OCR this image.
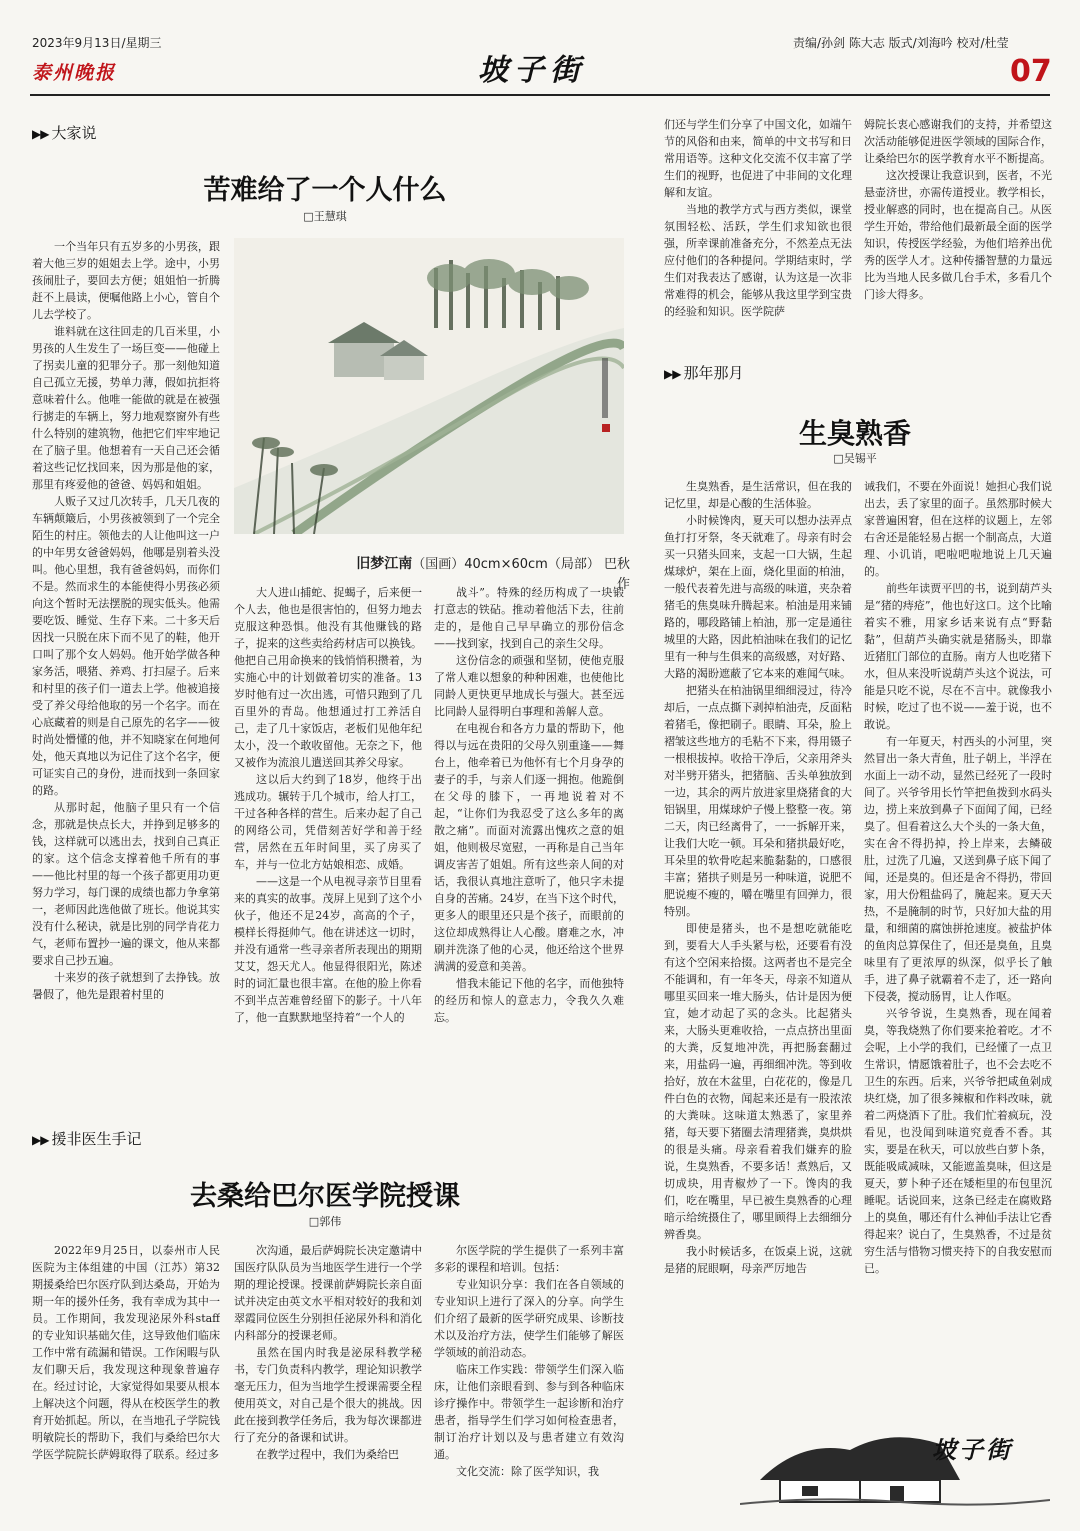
2023年9月13日/星期三
泰州晚报	坡子街
责编/孙剑 陈大志 版式/刘海吟 校对/杜莹
07
▶▶ 大家说
苦难给了一个人什么
□王慧琪

一个当年只有五岁多的小男孩，跟着大他三岁的姐姐去上学。途中，小男孩闹肚子，要回去方便；姐姐怕一折腾赶不上晨读，便嘱他路上小心，管自个儿去学校了。

谁料就在这往回走的几百米里，小男孩的人生发生了一场巨变——他碰上了拐卖儿童的犯罪分子。那一刻他知道自己孤立无援，势单力薄，假如抗拒将意味着什么。他唯一能做的就是在被强行掳走的车辆上，努力地观察窗外有些什么特别的建筑物，他把它们牢牢地记在了脑子里。他想着有一天自己还会循着这些记忆找回来，因为那是他的家，那里有疼爱他的爸爸、妈妈和姐姐。

人贩子又过几次转手，几天几夜的车辆颠簸后，小男孩被领到了一个完全陌生的村庄。领他去的人让他叫这一户的中年男女爸爸妈妈，他哪是别着头没叫。他心里想，我有爸爸妈妈，而你们不是。然而求生的本能使得小男孩必须向这个暂时无法摆脱的现实低头。他需要吃饭、睡觉、生存下来。二十多天后因找一只脱在床下而不见了的鞋，他开口叫了那个女人妈妈。他开始学做各种家务活，喂猪、养鸡、打扫屋子。后来和村里的孩子们一道去上学。他被追接受了养父母给他取的另一个名字。而在心底藏着的则是自己原先的名字——彼时尚处懵懂的他，并不知晓家在何地何处，他天真地以为记住了这个名字，便可证实自己的身份，进而找到一条回家的路。

从那时起，他脑子里只有一个信念，那就是快点长大，并挣到足够多的钱，这样就可以逃出去，找到自己真正的家。这个信念支撑着他千所有的事——他比村里的每一个孩子都更用功更努力学习，每门课的成绩也都力争拿第一，老师因此选他做了班长。他说其实没有什么秘诀，就是比别的同学肯花力气，老师布置抄一遍的课文，他从来都要求自己抄五遍。

十来岁的孩子就想到了去挣钱。放暑假了，他先是跟着村里的

旧梦江南（国画）40cm×60cm（局部） 巴秋 作

大人进山捕蛇、捉蝎子，后来便一个人去，他也是很害怕的，但努力地去克服这种恐惧。他没有其他赚钱的路子，捉来的这些卖给药材店可以换钱。他把自己用命换来的钱悄悄积攒着，为实施心中的计划做着切实的准备。13岁时他有过一次出逃，可惜只跑到了几百里外的青岛。他想通过打工养活自己，走了几十家饭店，老板们见他年纪太小，没一个敢收留他。无奈之下，他又被作为流浪儿遣送回其养父母家。

这以后大约到了18岁，他终于出逃成功。辗转于几个城市，给人打工，干过各种各样的营生。后来办起了自己的网络公司，凭借刻苦好学和善于经营，居然在五年时间里，买了房买了车，并与一位北方姑娘相恋、成婚。

——这是一个从电视寻亲节目里看来的真实的故事。茂屏上见到了这个小伙子，他还不足24岁，高高的个子，模样长得挺帅气。他在讲述这一切时，并没有通常一些寻亲者所表现出的期期艾艾，怨天尤人。他显得很阳光，陈述时的词汇量也很丰富。在他的脸上你看不到半点苦难曾经留下的影子。十八年了，他一直默默地坚持着“一个人的

战斗”。特殊的经历构成了一块锻打意志的铁砧。推动着他活下去，往前走的，是他自己早早确立的那份信念——找到家，找到自己的亲生父母。

这份信念的顽强和坚韧，使他克服了常人难以想象的种种困难，也使他比同龄人更快更早地成长与强大。甚至远比同龄人显得明白事理和善解人意。

在电视台和各方力量的帮助下，他得以与远在贵阳的父母久别重逢——舞台上，他牵着已为他怀有七个月身孕的妻子的手，与亲人们逐一拥抱。他跪倒在父母的膝下，一再地说着对不起，“让你们为我忍受了这么多年的离散之痛”。而面对流露出愧疚之意的姐姐，他则极尽宽慰，一再称是自己当年调皮害苦了姐姐。所有这些亲人间的对话，我很认真地注意听了，他只字未提自身的苦痛。24岁，在当下这个时代，更多人的眼里还只是个孩子，而眼前的这位却成熟得让人心酸。磨难之水，冲刷并洗涤了他的心灵，他还给这个世界满满的爱意和美善。

惜我未能记下他的名字，而他独特的经历和惊人的意志力，令我久久难忘。

▶▶ 援非医生手记
去桑给巴尔医学院授课
□郭伟

2022年9月25日，以泰州市人民医院为主体组建的中国（江苏）第32期援桑给巴尔医疗队到达桑岛，开始为期一年的援外任务，我有幸成为其中一员。工作期间，我发现泌尿外科staff的专业知识基础欠佳，这导致他们临床工作中常有疏漏和错误。工作闲暇与队友们聊天后，我发现这种现象普遍存在。经过讨论，大家觉得如果要从根本上解决这个问题，得从在校医学生的教育开始抓起。所以，在当地孔子学院钱明敏院长的帮助下，我们与桑给巴尔大学医学院院长萨姆取得了联系。经过多

次沟通，最后萨姆院长决定邀请中国医疗队队员为当地医学生进行一个学期的理论授课。授课前萨姆院长亲自面试并决定由英文水平相对较好的我和刘翠霞同位医生分别担任泌尿外科和消化内科部分的授课老师。

虽然在国内时我是泌尿科教学秘书，专门负责科内教学，理论知识教学毫无压力，但为当地学生授课需要全程使用英文，对自己是个很大的挑战。因此在接到教学任务后，我为每次课都进行了充分的备课和试讲。

在教学过程中，我们为桑给巴

尔医学院的学生提供了一系列丰富多彩的课程和培训。包括：

专业知识分享：我们在各自领域的专业知识上进行了深入的分享。向学生们介绍了最新的医学研究成果、诊断技术以及治疗方法，使学生们能够了解医学领域的前沿动态。

临床工作实践：带领学生们深入临床，让他们亲眼看到、参与到各种临床诊疗操作中。带领学生一起诊断和治疗患者，指导学生们学习如何检查患者，制订治疗计划以及与患者建立有效沟通。

文化交流：除了医学知识，我

们还与学生们分享了中国文化，如端午节的风俗和由来，简单的中文书写和日常用语等。这种文化交流不仅丰富了学生们的视野，也促进了中非间的文化理解和友谊。

当地的教学方式与西方类似，课堂氛围轻松、活跃，学生们求知欲也很强，所幸课前准备充分，不然差点无法应付他们的各种提问。学期结束时，学生们对我表达了感谢，认为这是一次非常难得的机会，能够从我这里学到宝贵的经验和知识。医学院萨

姆院长衷心感谢我们的支持，并希望这次活动能够促进医学领域的国际合作，让桑给巴尔的医学教育水平不断提高。

这次授课让我意识到，医者，不光悬壶济世，亦需传道授业。教学相长，授业解惑的同时，也在提高自己。从医学生开始，带给他们最新最全面的医学知识，传授医学经验，为他们培养出优秀的医学人才。这种传播智慧的力量远比为当地人民多做几台手术，多看几个门诊大得多。

▶▶ 那年那月
生臭熟香
□吴锡平

生臭熟香，是生活常识，但在我的记忆里，却是心酸的生活体验。

小时候馋肉，夏天可以想办法弄点鱼打打牙祭，冬天就难了。母亲有时会买一只猪头回来，支起一口大锅，生起煤球炉，架在上面，烧化里面的柏油，一般代表着先进与高级的味道，夹杂着猪毛的焦臭味升腾起来。柏油是用来铺路的，哪段路铺上柏油，那一定是通往城里的大路，因此柏油味在我们的记忆里有一种与生俱来的高级感，对好路、大路的渴盼遮蔽了它本来的难闻气味。

把猪头在柏油锅里细细浸过，待冷却后，一点点撕下剥掉柏油壳，反面粘着猪毛，像把刷子。眼睛、耳朵，脸上褶皱这些地方的毛粘不下来，得用镊子一根根拔掉。收拾干净后，父亲用斧头对半劈开猪头，把猪脑、舌头单独放到一边，其余的两片放进家里烧猪食的大铝锅里，用煤球炉子慢上整整一夜。第二天，肉已经离骨了，一一拆解开来，让我们大吃一顿。耳朵和猪拱最好吃，耳朵里的软骨吃起来脆黏黏的，口感很丰富；猪拱子则是另一种味道，说肥不肥说瘦不瘦的，嚼在嘴里有回弹力，很特别。

即使是猪头，也不是想吃就能吃到，要看大人手头紧与松，还要看有没有这个空闲来拾掇。这两者也不是完全不能调和，有一年冬天，母亲不知道从哪里买回来一堆大肠头，估计是因为便宜，她才动起了买的念头。比起猪头来，大肠头更难收拾，一点点挤出里面的大粪，反复地冲洗，再把肠套翻过来，用盐码一遍，再细细冲洗。等到收拾好，放在木盆里，白花花的，像是几件白色的衣物，闻起来还是有一股浓浓的大粪味。这味道太熟悉了，家里养猪，每天要下猪圈去清理猪粪，臭烘烘的很是头痛。母亲看着我们嫌弃的脸说，生臭熟香，不要多话！煮熟后，又切成块，用青椒炒了一下。馋肉的我们，吃在嘴里，早已被生臭熟香的心理暗示给统摄住了，哪里顾得上去细细分辨香臭。

我小时候话多，在饭桌上说，这就是猪的屁眼啊，母亲严厉地告

诫我们，不要在外面说！她担心我们说出去，丢了家里的面子。虽然那时候大家普遍困窘，但在这样的议题上，左邻右舍还是能轻易占据一个制高点，大道理、小讥诮，吧啦吧啦地说上几天遍的。

前些年读贾平凹的书，说到葫芦头是“猪的痔疮”，他也好这口。这个比喻着实不雅，用家乡话来说有点“野黏黏”，但葫芦头确实就是猪肠头，即靠近猪肛门部位的直肠。南方人也吃猪下水，但从来没听说葫芦头这个说法，可能是只吃不说，尽在不言中。就像我小时候，吃过了也不说——羞于说，也不敢说。

有一年夏天，村西头的小河里，突然冒出一条大青鱼，肚子朝上，半浮在水面上一动不动，显然已经死了一段时间了。兴爷爷用长竹竿把鱼拨到水码头边，捞上来放到鼻子下面闻了闻，已经臭了。但看着这么大个头的一条大鱼，实在舍不得扔掉，拎上岸来，去鳞破肚，过洗了几遍，又送到鼻子底下闻了闻，还是臭的。但还是舍不得扔，带回家，用大份粗盐码了，腌起来。夏天天热，不是腌制的时节，只好加大盐的用量，和细菌的腐蚀拼抢速度。被盐护体的鱼肉总算保住了，但还是臭鱼，且臭味里有了更浓厚的纵深，似乎长了触手，进了鼻子就霸着不走了，还一路向下侵袭，搅动肠胃，让人作呕。

兴爷爷说，生臭熟香，现在闻着臭，等我烧熟了你们要来抢着吃。才不会呢，上小学的我们，已经懂了一点卫生常识，情愿饿着肚子，也不会去吃不卫生的东西。后来，兴爷爷把咸鱼剁成块红烧，加了很多辣椒和作料改味，就着二两烧酒下了肚。我们忙着疯玩，没看见，也没闻到味道究竟香不香。其实，要是在秋天，可以放些白萝卜条，既能吸咸减味，又能遮盖臭味，但这是夏天，萝卜种子还在矮柜里的布包里沉睡呢。话说回来，这条已经走在腐败路上的臭鱼，哪还有什么神仙手法让它香得起来？说白了，生臭熟香，不过是贫穷生活与惜物习惯夹持下的自我安慰而已。

坡子街
